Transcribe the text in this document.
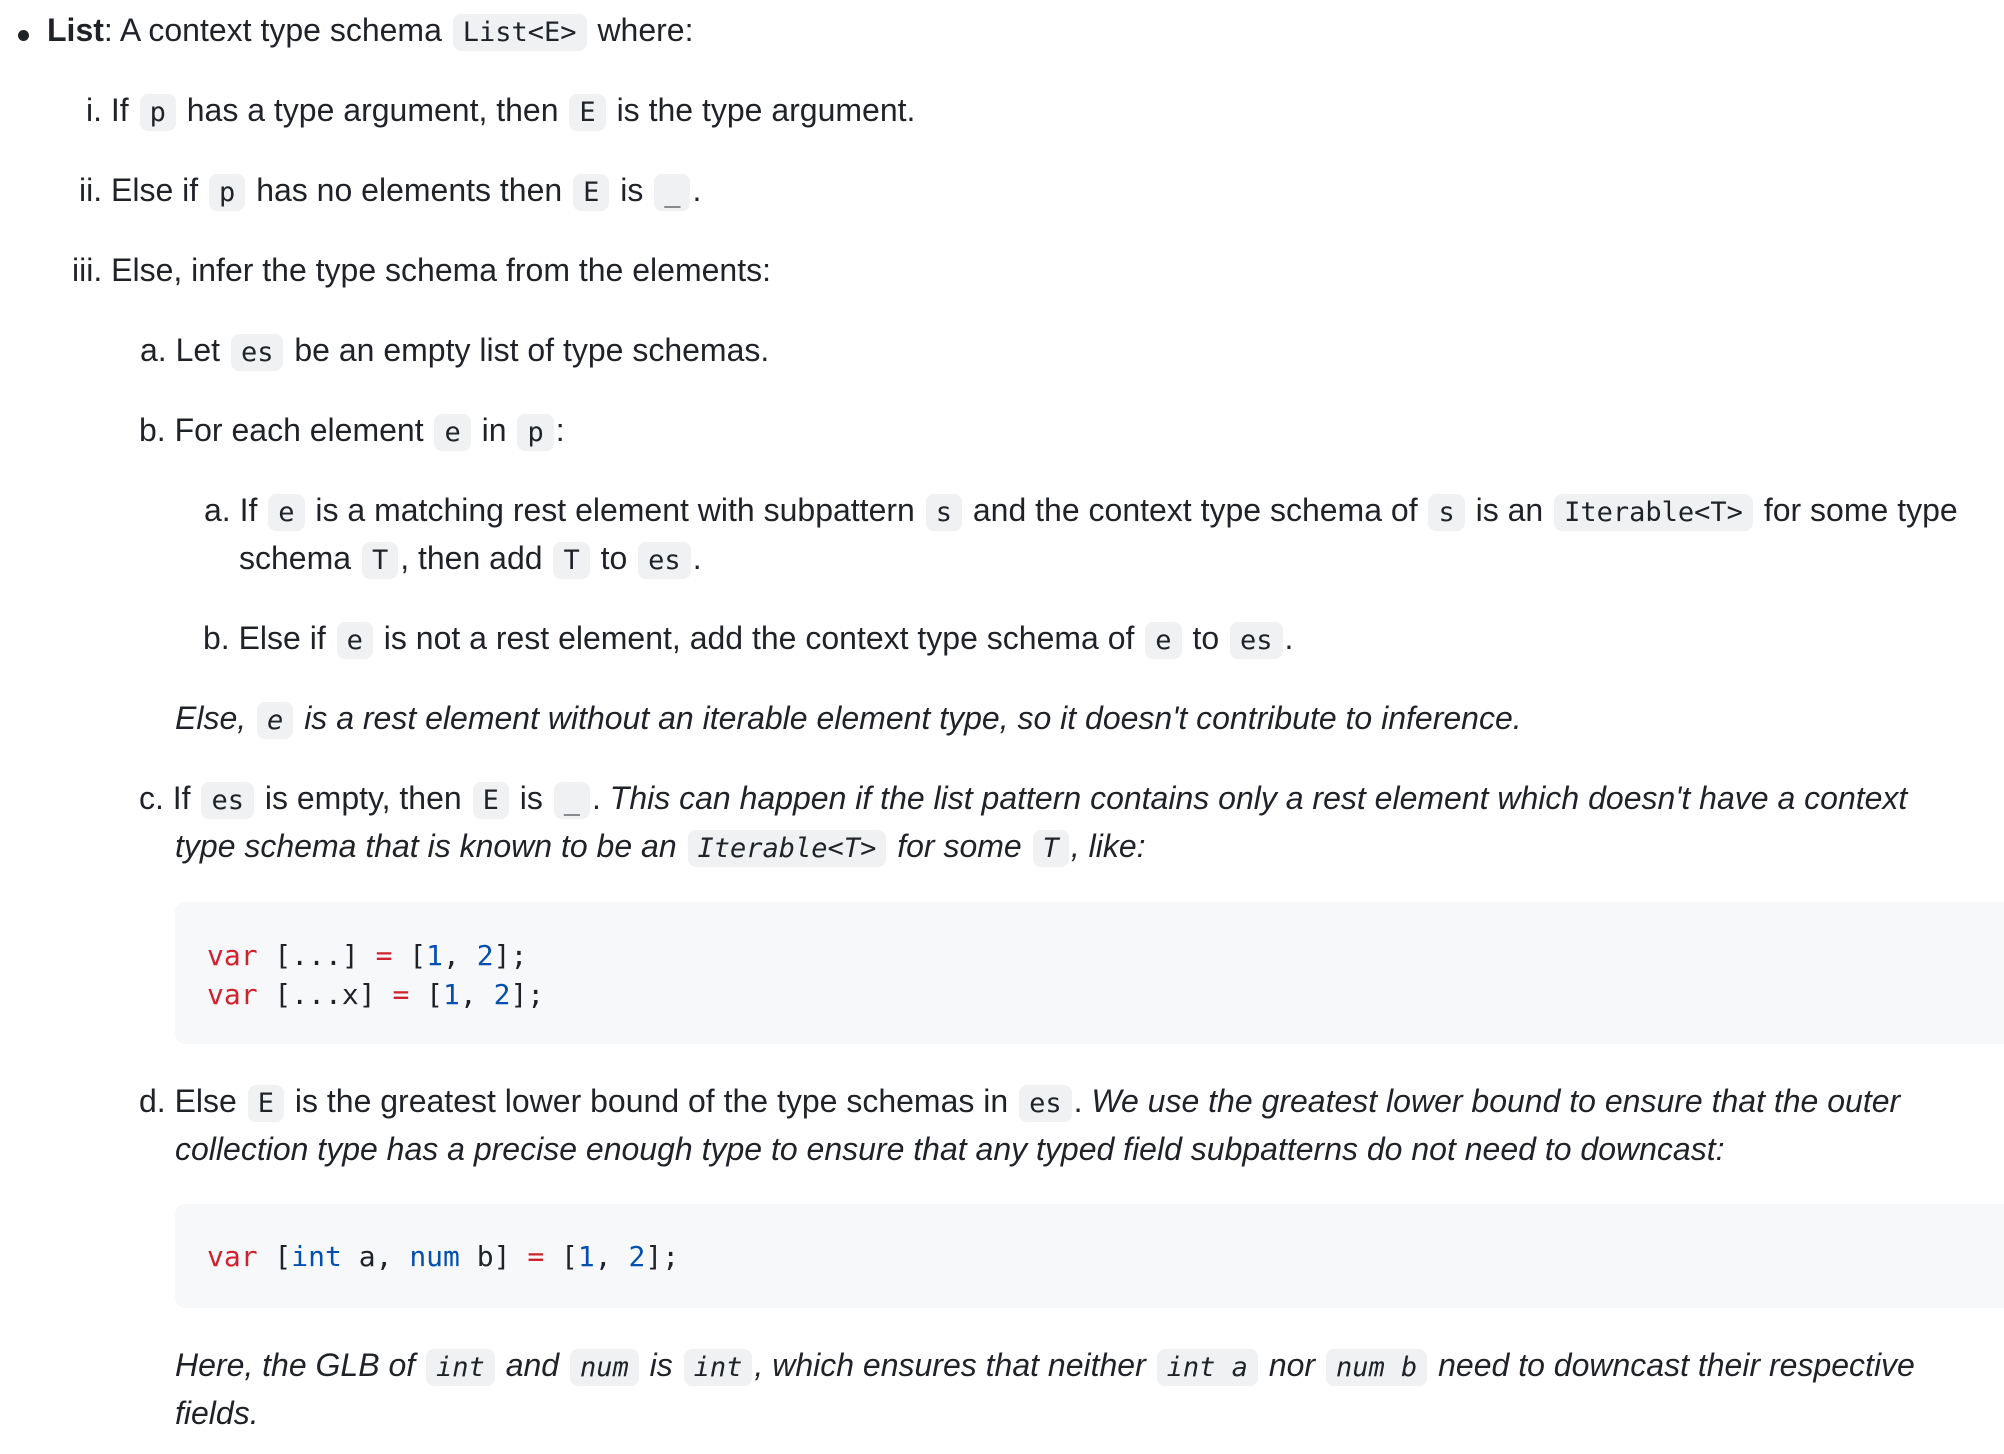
List: A context type schema List<E> where:
i. If p has a type argument, then E is the type argument.
ii. Else if p has no elements then E is _ .
iii. Else, infer the type schema from the elements:
a. Let es be an empty list of type schemas.
b. For each element e in p :
a. If e is a matching rest element with subpattern s and the context type schema of s is an Iterable<T> for some type
schema T , then add T to es .
b. Else if e is not a rest element, add the context type schema of e to es .
Else, e is a rest element without an iterable element type, so it doesn't contribute to inference.
c. If es is empty, then E is _ . This can happen if the list pattern contains only a rest element which doesn't have a context
type schema that is known to be an Iterable<T> for some T , like:
var [...] = [1, 2];
var [...x] = [1, 2];
d. Else E is the greatest lower bound of the type schemas in es . We use the greatest lower bound to ensure that the outer
collection type has a precise enough type to ensure that any typed field subpatterns do not need to downcast:
var [int a, num b] = [1, 2];
Here, the GLB of int and num is int , which ensures that neither int a nor num b need to downcast their respective
fields.
